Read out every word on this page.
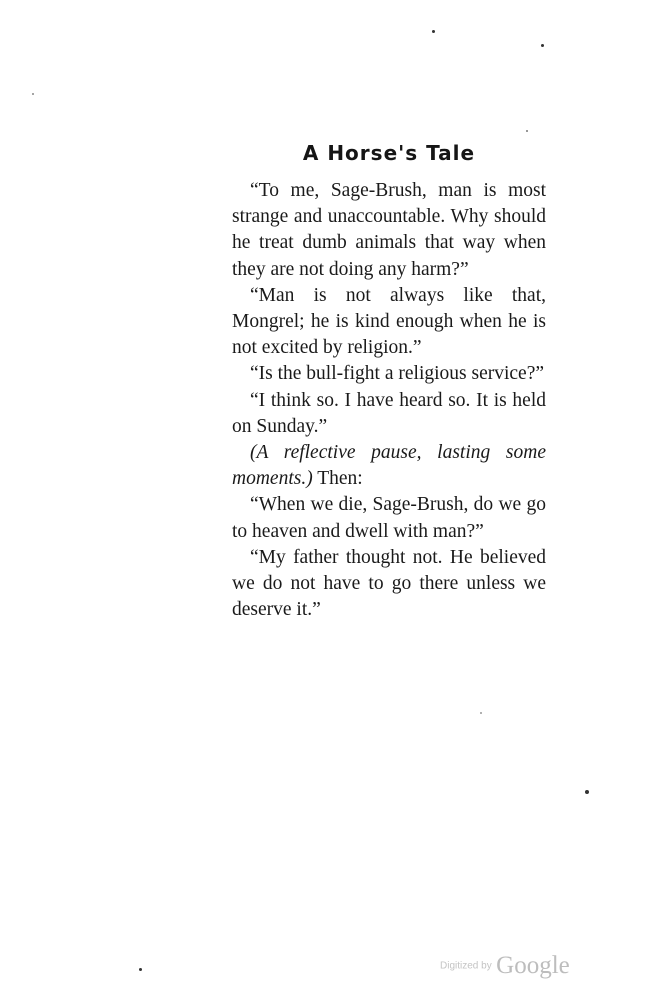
A Horse's Tale

“To me, Sage-Brush, man is most strange and unaccountable. Why should he treat dumb animals that way when they are not doing any harm?”

“Man is not always like that, Mongrel; he is kind enough when he is not excited by religion.”

“Is the bull-fight a religious service?”

“I think so. I have heard so. It is held on Sunday.”

(A reflective pause, lasting some moments.) Then:

“When we die, Sage-Brush, do we go to heaven and dwell with man?”

“My father thought not. He believed we do not have to go there unless we deserve it.”

Digitized by Google
